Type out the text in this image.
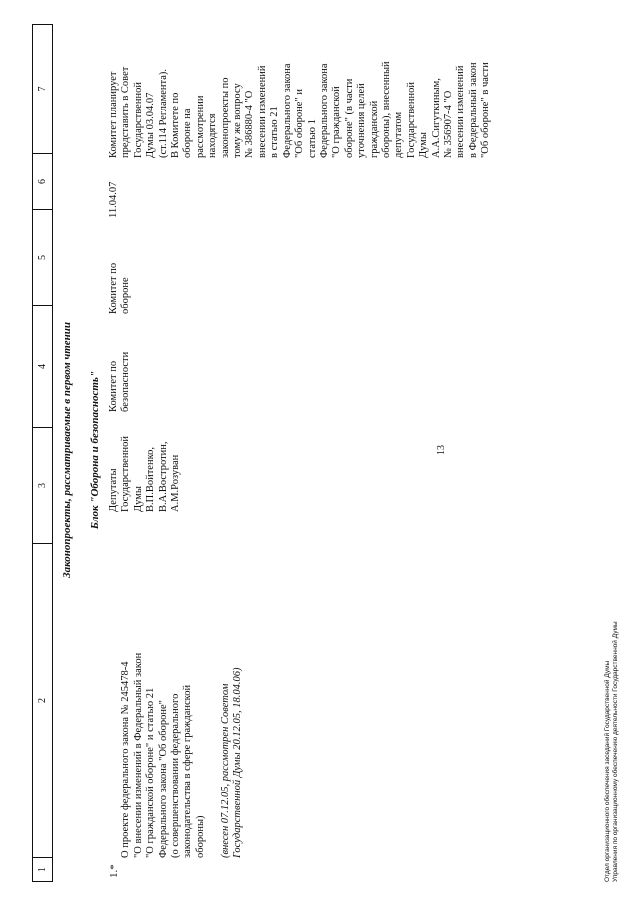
13
1
2
3
4
5
6
7
Законопроекты, рассматриваемые в первом чтении Блок "Оборона и безопасность"
1.*

О проекте федерального закона № 245478-4
"О внесении изменений в Федеральный закон
"О гражданской обороне" и статью 21
Федерального закона "Об обороне"
(о совершенствовании федерального
законодательства в сфере гражданской
обороны) (внесен 07.12.05, рассмотрен Советом
Государственной Думы 20.12.05, 18.04.06)

Депутаты
Государственной
Думы
В.П.Войтенко,
В.А.Востротин,
А.М.Розуван
Комитет по
безопасности
Комитет по
обороне
11.04.07
Комитет планирует
представить в Совет
Государственной
Думы 03.04.07
(ст.114 Регламента).
В Комитете по
обороне на
рассмотрении
находятся
законопроекты по
тому же вопросу
№ 386880-4 "О
внесении изменений
в статью 21
Федерального закона
"Об обороне" и
статью 1
Федерального закона
"О гражданской
обороне" (в части
уточнения целей
гражданской
обороны), внесенный
депутатом
Государственной
Думы
А.А.Сигуткиным,
№ 356907-4 "О
внесении изменений
в Федеральный закон
"Об обороне" в части
Отдел организационного обеспечения заседаний Государственной Думы Управления по организационному обеспечению деятельности Государственной Думы
